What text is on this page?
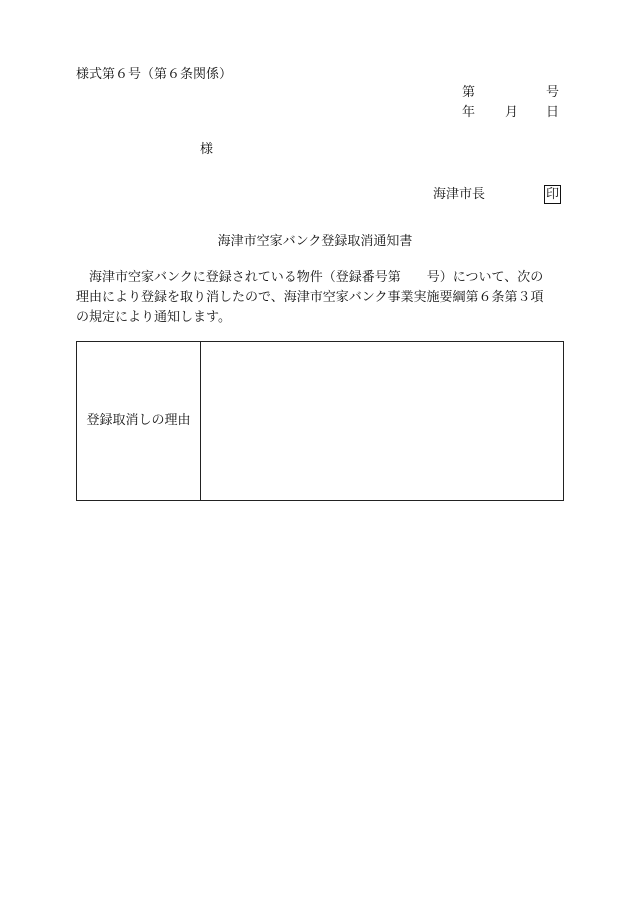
様式第６号（第６条関係）
第	号
年 月 日
様
海津市長	印
海津市空家バンク登録取消通知書
海津市空家バンクに登録されている物件（登録番号第　　号）について、次の
理由により登録を取り消したので、海津市空家バンク事業実施要綱第６条第３項
の規定により通知します。
登録取消しの理由
